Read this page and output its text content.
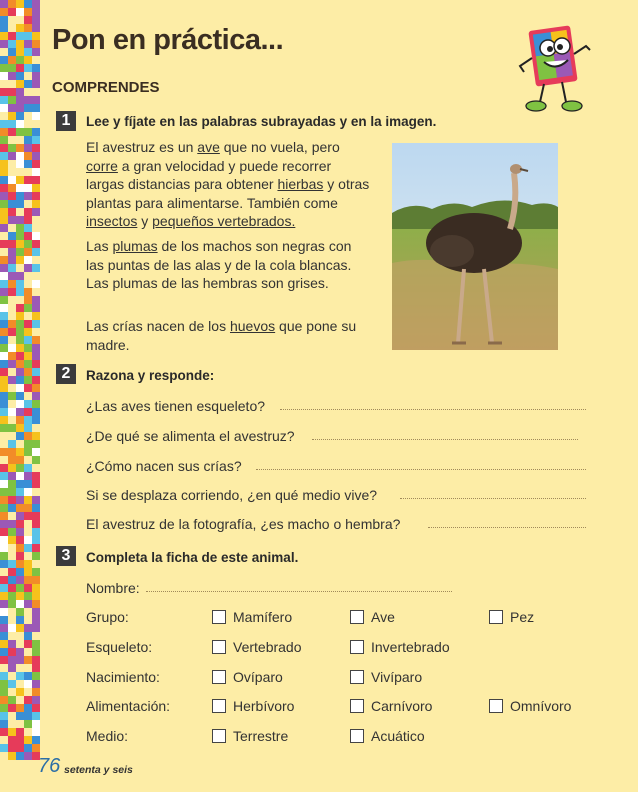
Pon en práctica...
COMPRENDES
1	Lee y fíjate en las palabras subrayadas y en la imagen.
El avestruz es un ave que no vuela, pero corre a gran velocidad y puede recorrer largas distancias para obtener hierbas y otras plantas para alimentarse. También come insectos y pequeños vertebrados.
Las plumas de los machos son negras con las puntas de las alas y de la cola blancas. Las plumas de las hembras son grises.
Las crías nacen de los huevos que pone su madre.
2	Razona y responde:
¿Las aves tienen esqueleto?
¿De qué se alimenta el avestruz?
¿Cómo nacen sus crías?
Si se desplaza corriendo, ¿en qué medio vive?
El avestruz de la fotografía, ¿es macho o hembra?
3	Completa la ficha de este animal.
Nombre:
Grupo:	Mamífero	Ave	Pez
Esqueleto:	Vertebrado	Invertebrado
Nacimiento:	Ovíparo	Vivíparo
Alimentación:	Herbívoro	Carnívoro	Omnívoro
Medio:	Terrestre	Acuático
76 setenta y seis
